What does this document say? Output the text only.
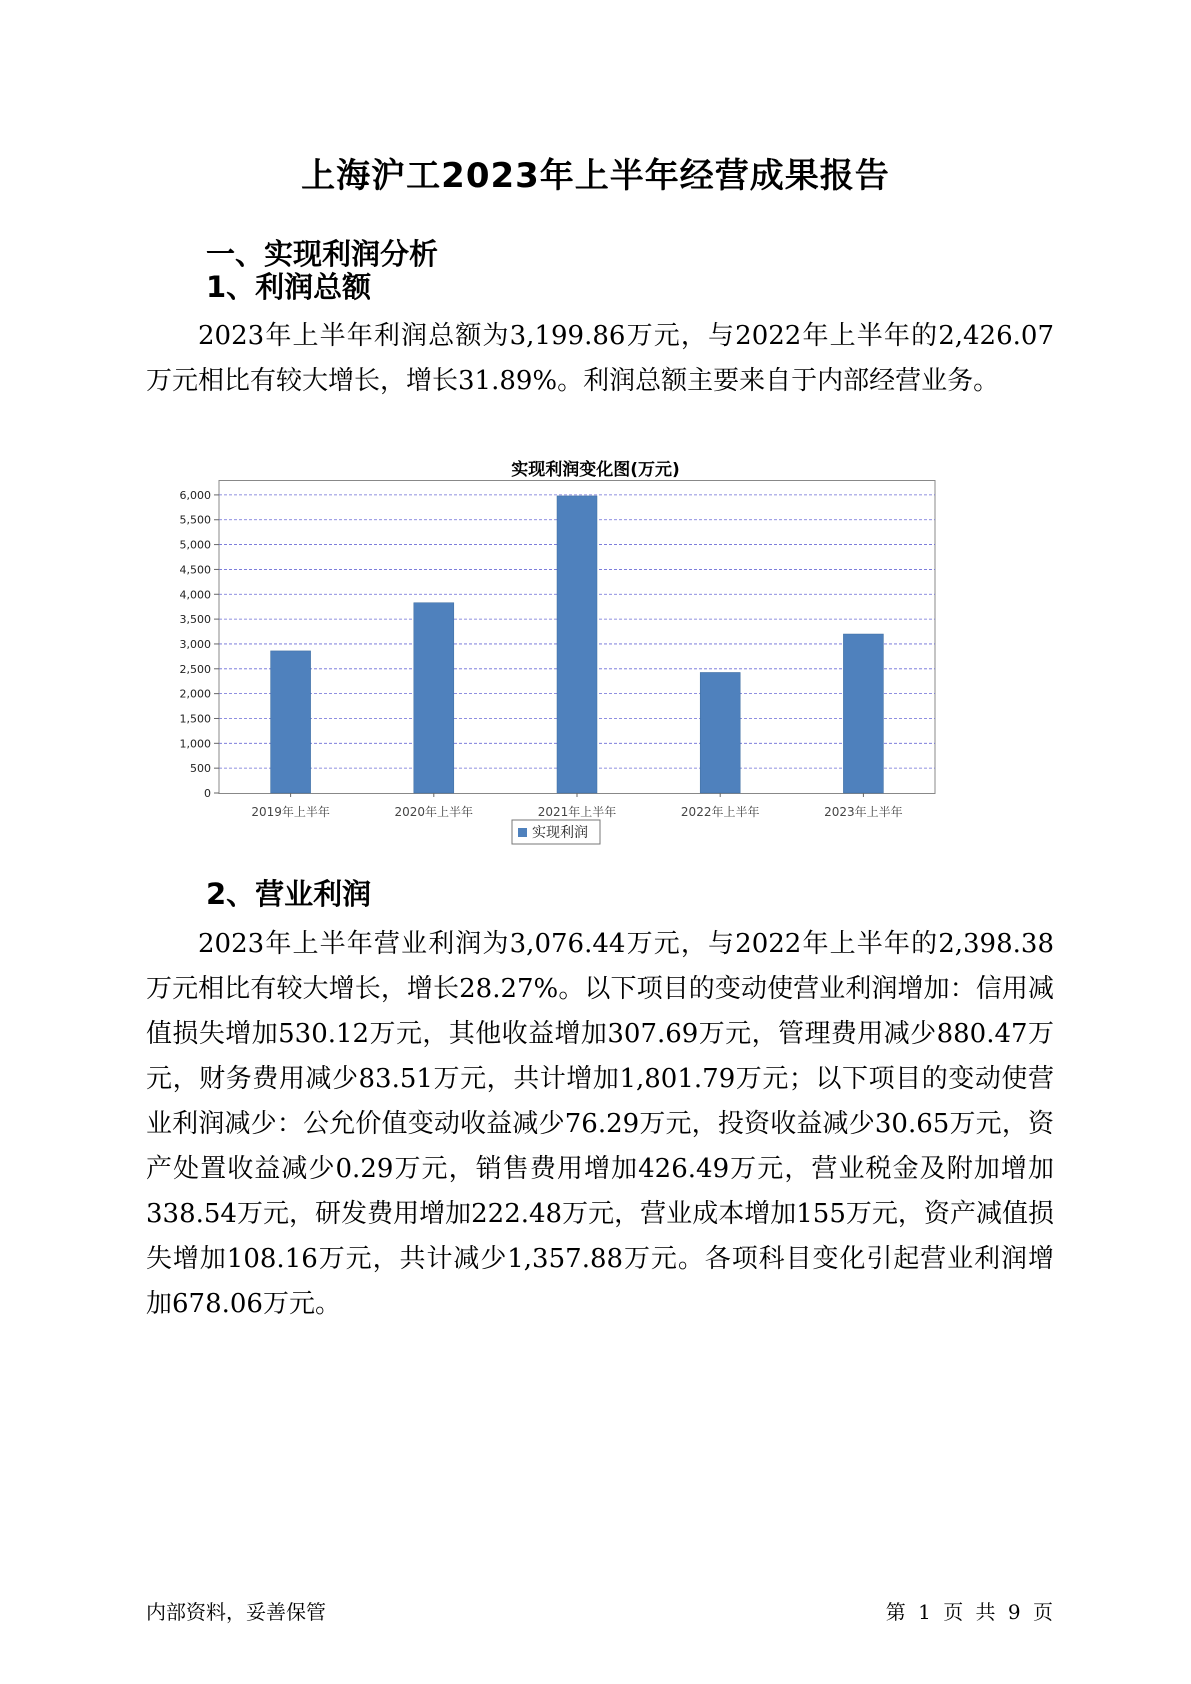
上海沪工2023年上半年经营成果报告
一、实现利润分析
1、利润总额

2023年上半年利润总额为3,199.86万元，与2022年上半年的2,426.07万元相比有较大增长，增长31.89%。利润总额主要来自于内部经营业务。

实现利润变化图(万元)
0
500
1,000
1,500
2,000
2,500
3,000
3,500
4,000
4,500
5,000
5,500
6,000
2019年上半年	2020年上半年	2021年上半年	2022年上半年	2023年上半年
实现利润
2、营业利润

2023年上半年营业利润为3,076.44万元，与2022年上半年的2,398.38万元相比有较大增长，增长28.27%。以下项目的变动使营业利润增加：信用减值损失增加530.12万元，其他收益增加307.69万元，管理费用减少880.47万元，财务费用减少83.51万元，共计增加1,801.79万元；以下项目的变动使营业利润减少：公允价值变动收益减少76.29万元，投资收益减少30.65万元，资产处置收益减少0.29万元，销售费用增加426.49万元，营业税金及附加增加338.54万元，研发费用增加222.48万元，营业成本增加155万元，资产减值损失增加108.16万元，共计减少1,357.88万元。各项科目变化引起营业利润增加678.06万元。

内部资料，妥善保管	第 1 页 共 9 页
